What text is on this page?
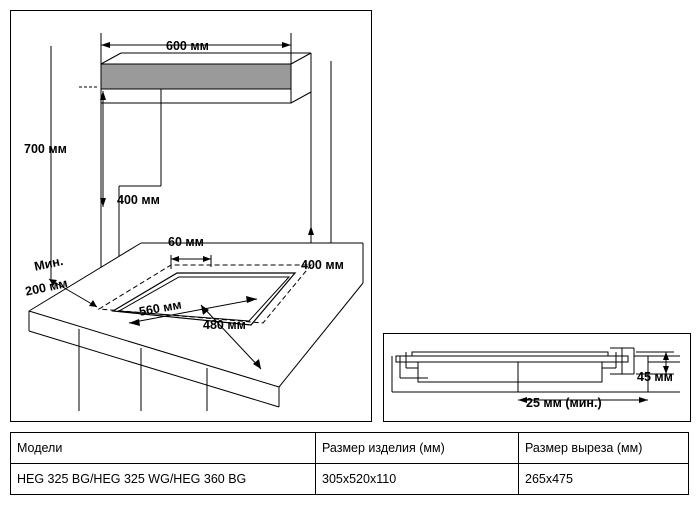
600 мм
700 мм
400 мм
60 мм
400 мм
Мин.
200 мм
560 мм
480 мм
45 мм
25 мм (мин.)
Модели	Размер изделия (мм)	Размер выреза (мм)
HEG 325 BG/HEG 325 WG/HEG 360 BG	305x520x110	265x475
